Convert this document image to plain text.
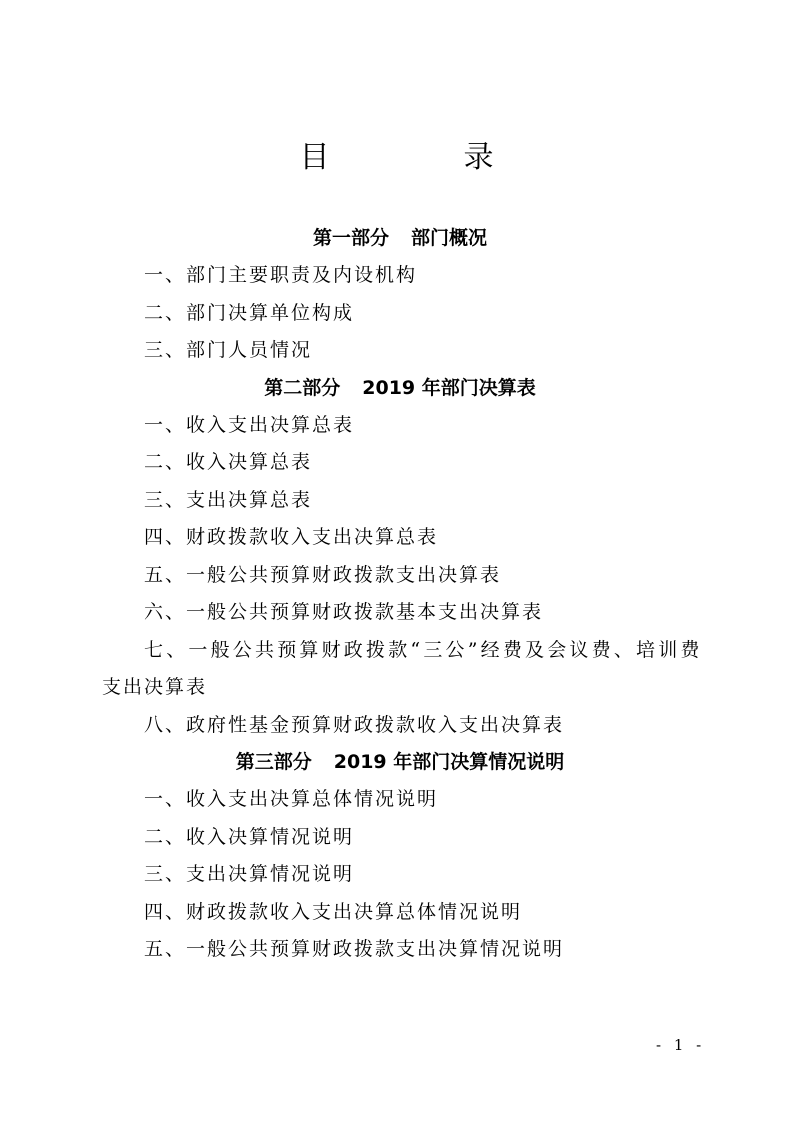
目　录
第一部分 部门概况
一、部门主要职责及内设机构
二、部门决算单位构成
三、部门人员情况
第二部分 2019 年部门决算表
一、收入支出决算总表
二、收入决算总表
三、支出决算总表
四、财政拨款收入支出决算总表
五、一般公共预算财政拨款支出决算表
六、一般公共预算财政拨款基本支出决算表
七、一般公共预算财政拨款“三公”经费及会议费、培训费
支出决算表
八、政府性基金预算财政拨款收入支出决算表
第三部分 2019 年部门决算情况说明
一、收入支出决算总体情况说明
二、收入决算情况说明
三、支出决算情况说明
四、财政拨款收入支出决算总体情况说明
五、一般公共预算财政拨款支出决算情况说明
- 1 -
